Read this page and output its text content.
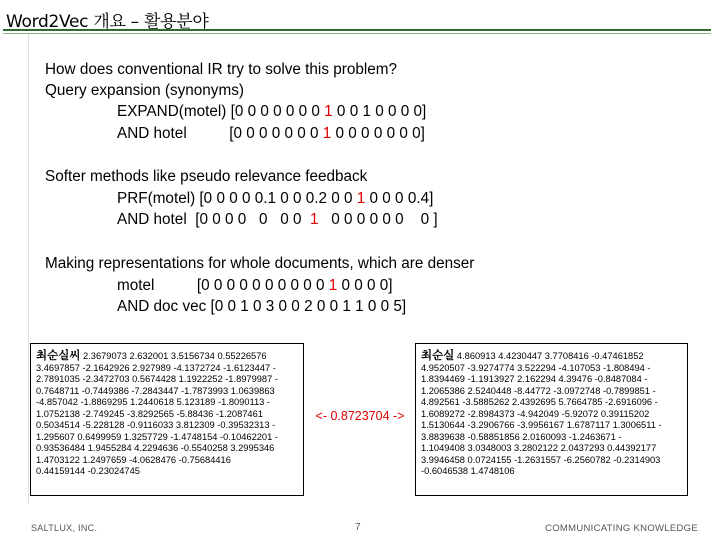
Word2Vec 개요 – 활용분야
How does conventional IR try to solve this problem?
Query expansion (synonyms)
EXPAND(motel) [0 0 0 0 0 0 0 1 0 0 1 0 0 0 0]
AND hotel          [0 0 0 0 0 0 0 1 0 0 0 0 0 0 0]
Softer methods like pseudo relevance feedback
PRF(motel) [0 0 0 0 0.1 0 0 0.2 0 0 1 0 0 0 0.4]
AND hotel  [0 0 0 0   0   0 0  1   0 0 0 0 0 0    0 ]
Making representations for whole documents, which are denser
motel          [0 0 0 0 0 0 0 0 0 0 1 0 0 0 0]
AND doc vec [0 0 1 0 3 0 0 2 0 0 1 1 0 0 5]
최순실씨 2.3679073 2.632001 3.5156734 0.55226576
3.4697857 -2.1642926 2.927989 -4.1372724 -1.6123447 -
2.7891035 -2.3472703 0.5674428 1.1922252 -1.8979987 -
0.7648711 -0.7449386 -7.2843447 -1.7873993 1.0639863
-4.857042 -1.8869295 1.2440618 5.123189 -1.8090113 -
1.0752138 -2.749245 -3.8292565 -5.88436 -1.2087461
0.5034514 -5.228128 -0.9116033 3.812309 -0.39532313 -
1.295607 0.6499959 1.3257729 -1.4748154 -0.10462201 -
0.93536484 1.9455284 4.2294636 -0.5540258 3.2995346
1.4703122 1.2497659 -4.0628476 -0.75684416
0.44159144 -0.23024745
<- 0.8723704 ->
최순실 4.860913 4.4230447 3.7708416 -0.47461852
4.9520507 -3.9274774 3.522294 -4.107053 -1.808494 -
1.8394469 -1.1913927 2.162294 4.39476 -0.8487084 -
1.2065386 2.5240448 -8.44772 -3.0972748 -0.7899851 -
4.892561 -3.5885262 2.4392695 5.7664785 -2.6916096 -
1.6089272 -2.8984373 -4.942049 -5.92072 0.39115202
1.5130644 -3.2906766 -3.9956167 1.6787117 1.3006511 -
3.8839638 -0.58851856 2.0160093 -1.2463671 -
1.1049408 3.0348003 3.2802122 2.0437293 0.44392177
3.9946458 0.0724155 -1.2631557 -6.2560782 -0.2314903
-0.6046538 1.4748106
SALTLUX, INC.	7	COMMUNICATING KNOWLEDGE
